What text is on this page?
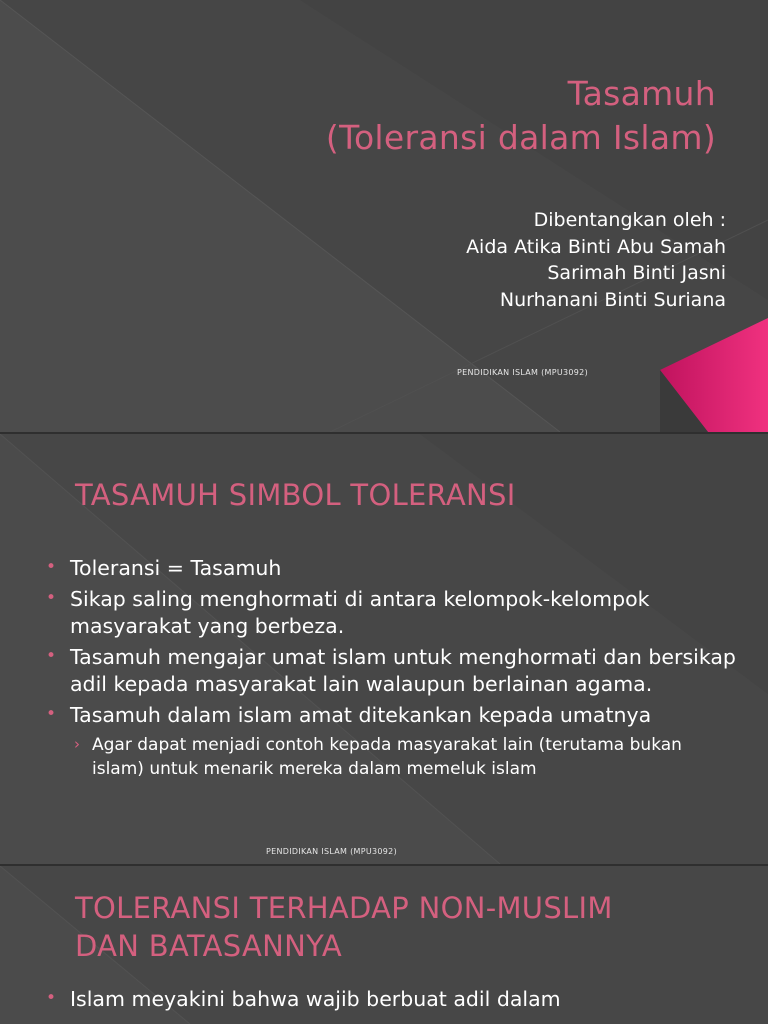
Tasamuh
(Toleransi dalam Islam)
Dibentangkan oleh :
Aida Atika Binti Abu Samah
Sarimah Binti Jasni
Nurhanani Binti Suriana
PENDIDIKAN ISLAM (MPU3092)
TASAMUH SIMBOL TOLERANSI
• Toleransi = Tasamuh
• Sikap saling menghormati di antara kelompok-kelompok masyarakat yang berbeza.
• Tasamuh mengajar umat islam untuk menghormati dan bersikap adil kepada masyarakat lain walaupun berlainan agama.
• Tasamuh dalam islam amat ditekankan kepada umatnya
› Agar dapat menjadi contoh kepada masyarakat lain (terutama bukan islam) untuk menarik mereka dalam memeluk islam
PENDIDIKAN ISLAM (MPU3092)
TOLERANSI TERHADAP NON-MUSLIM
DAN BATASANNYA
• Islam meyakini bahwa wajib berbuat adil dalam
